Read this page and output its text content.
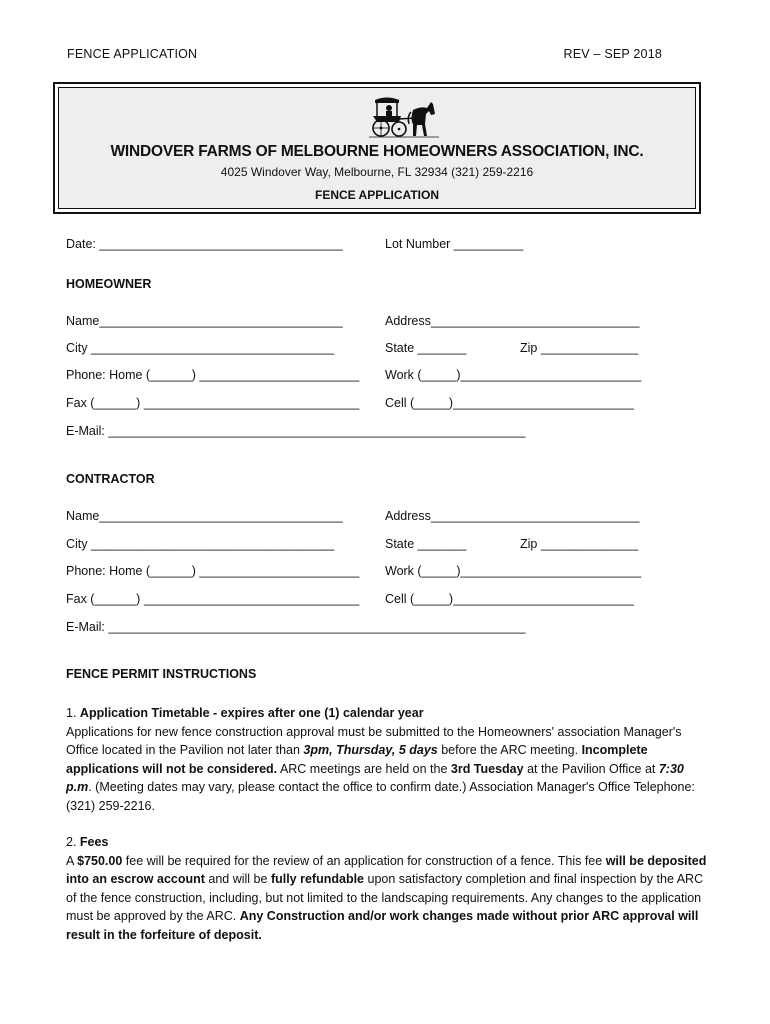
FENCE APPLICATION	REV – SEP 2018
WINDOVER FARMS OF MELBOURNE HOMEOWNERS ASSOCIATION, INC.
4025 Windover Way, Melbourne, FL 32934 (321) 259-2216
FENCE APPLICATION
Date: ___________________________________	Lot Number __________
HOMEOWNER
Name___________________________________	Address______________________________
City ___________________________________	State _______	Zip ______________
Phone: Home (______) _______________________ Work (_____)__________________________
Fax (______) _______________________________ Cell (_____)__________________________
E-Mail: ____________________________________________________________
CONTRACTOR
Name___________________________________	Address______________________________
City ___________________________________	State _______	Zip ______________
Phone: Home (______) _______________________ Work (_____)__________________________
Fax (______) _______________________________ Cell (_____)__________________________
E-Mail: ____________________________________________________________
FENCE PERMIT INSTRUCTIONS
1. Application Timetable - expires after one (1) calendar year
Applications for new fence construction approval must be submitted to the Homeowners' association Manager's Office located in the Pavilion not later than 3pm, Thursday, 5 days before the ARC meeting. Incomplete applications will not be considered. ARC meetings are held on the 3rd Tuesday at the Pavilion Office at 7:30 p.m. (Meeting dates may vary, please contact the office to confirm date.) Association Manager's Office Telephone: (321) 259-2216.
2. Fees
A $750.00 fee will be required for the review of an application for construction of a fence. This fee will be deposited into an escrow account and will be fully refundable upon satisfactory completion and final inspection by the ARC of the fence construction, including, but not limited to the landscaping requirements. Any changes to the application must be approved by the ARC. Any Construction and/or work changes made without prior ARC approval will result in the forfeiture of deposit.
